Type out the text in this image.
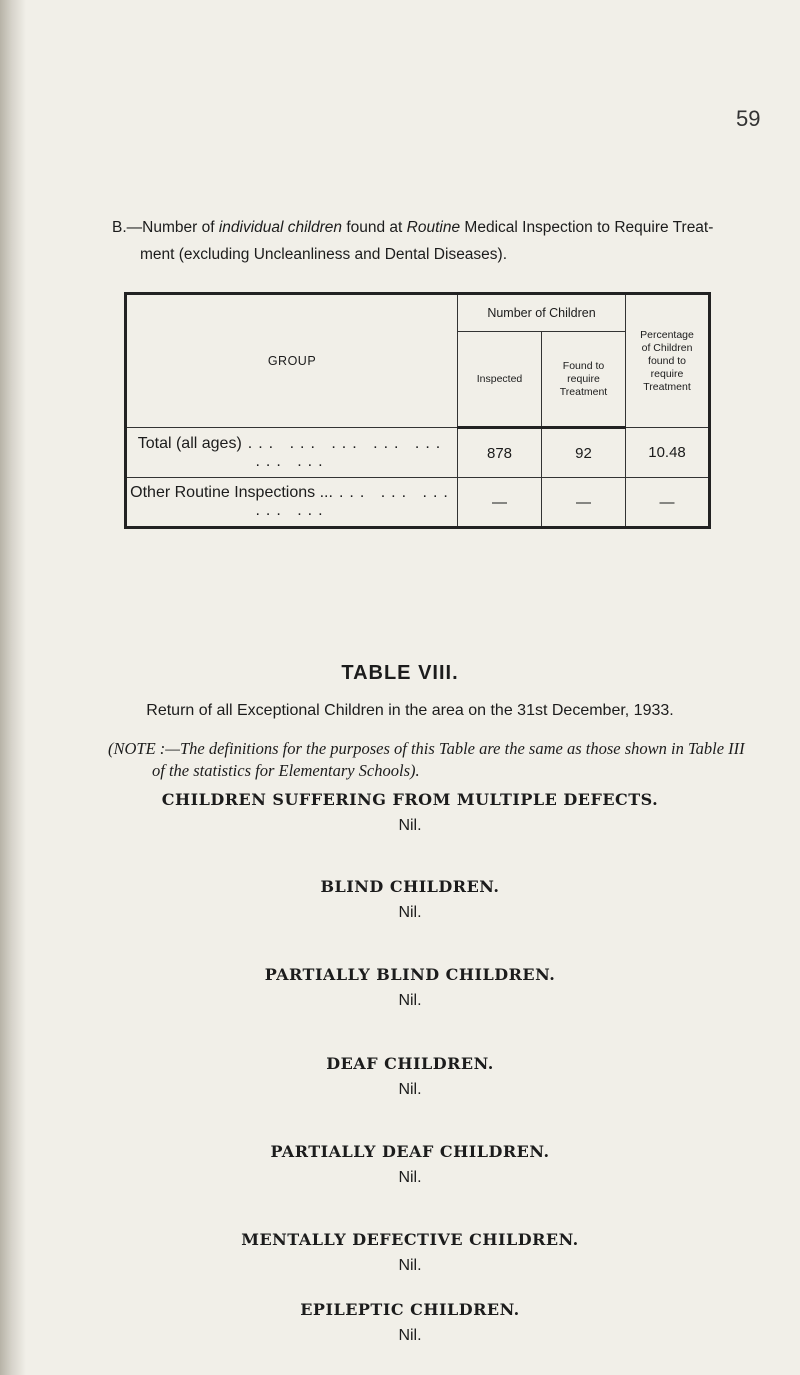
59
B.—Number of individual children found at Routine Medical Inspection to Require Treat-
ment (excluding Uncleanliness and Dental Diseases).
GROUP	Number of Children		Percentage
of Children
found to
require
Treatment

	Inspected	Found to
require
Treatment	

Total (all ages) ... ... ... ... ... ... ...	878	92	10.48
Other Routine Inspections ... ... ... ... ... ...	—	—	—
TABLE VIII.
Return of all Exceptional Children in the area on the 31st December, 1933.
(NOTE :—The definitions for the purposes of this Table are the same as those shown in Table III
of the statistics for Elementary Schools).
CHILDREN SUFFERING FROM MULTIPLE DEFECTS.
Nil.
BLIND CHILDREN.
Nil.
PARTIALLY BLIND CHILDREN.
Nil.
DEAF CHILDREN.
Nil.
PARTIALLY DEAF CHILDREN.
Nil.
MENTALLY DEFECTIVE CHILDREN.
Nil.
EPILEPTIC CHILDREN.
Nil.
